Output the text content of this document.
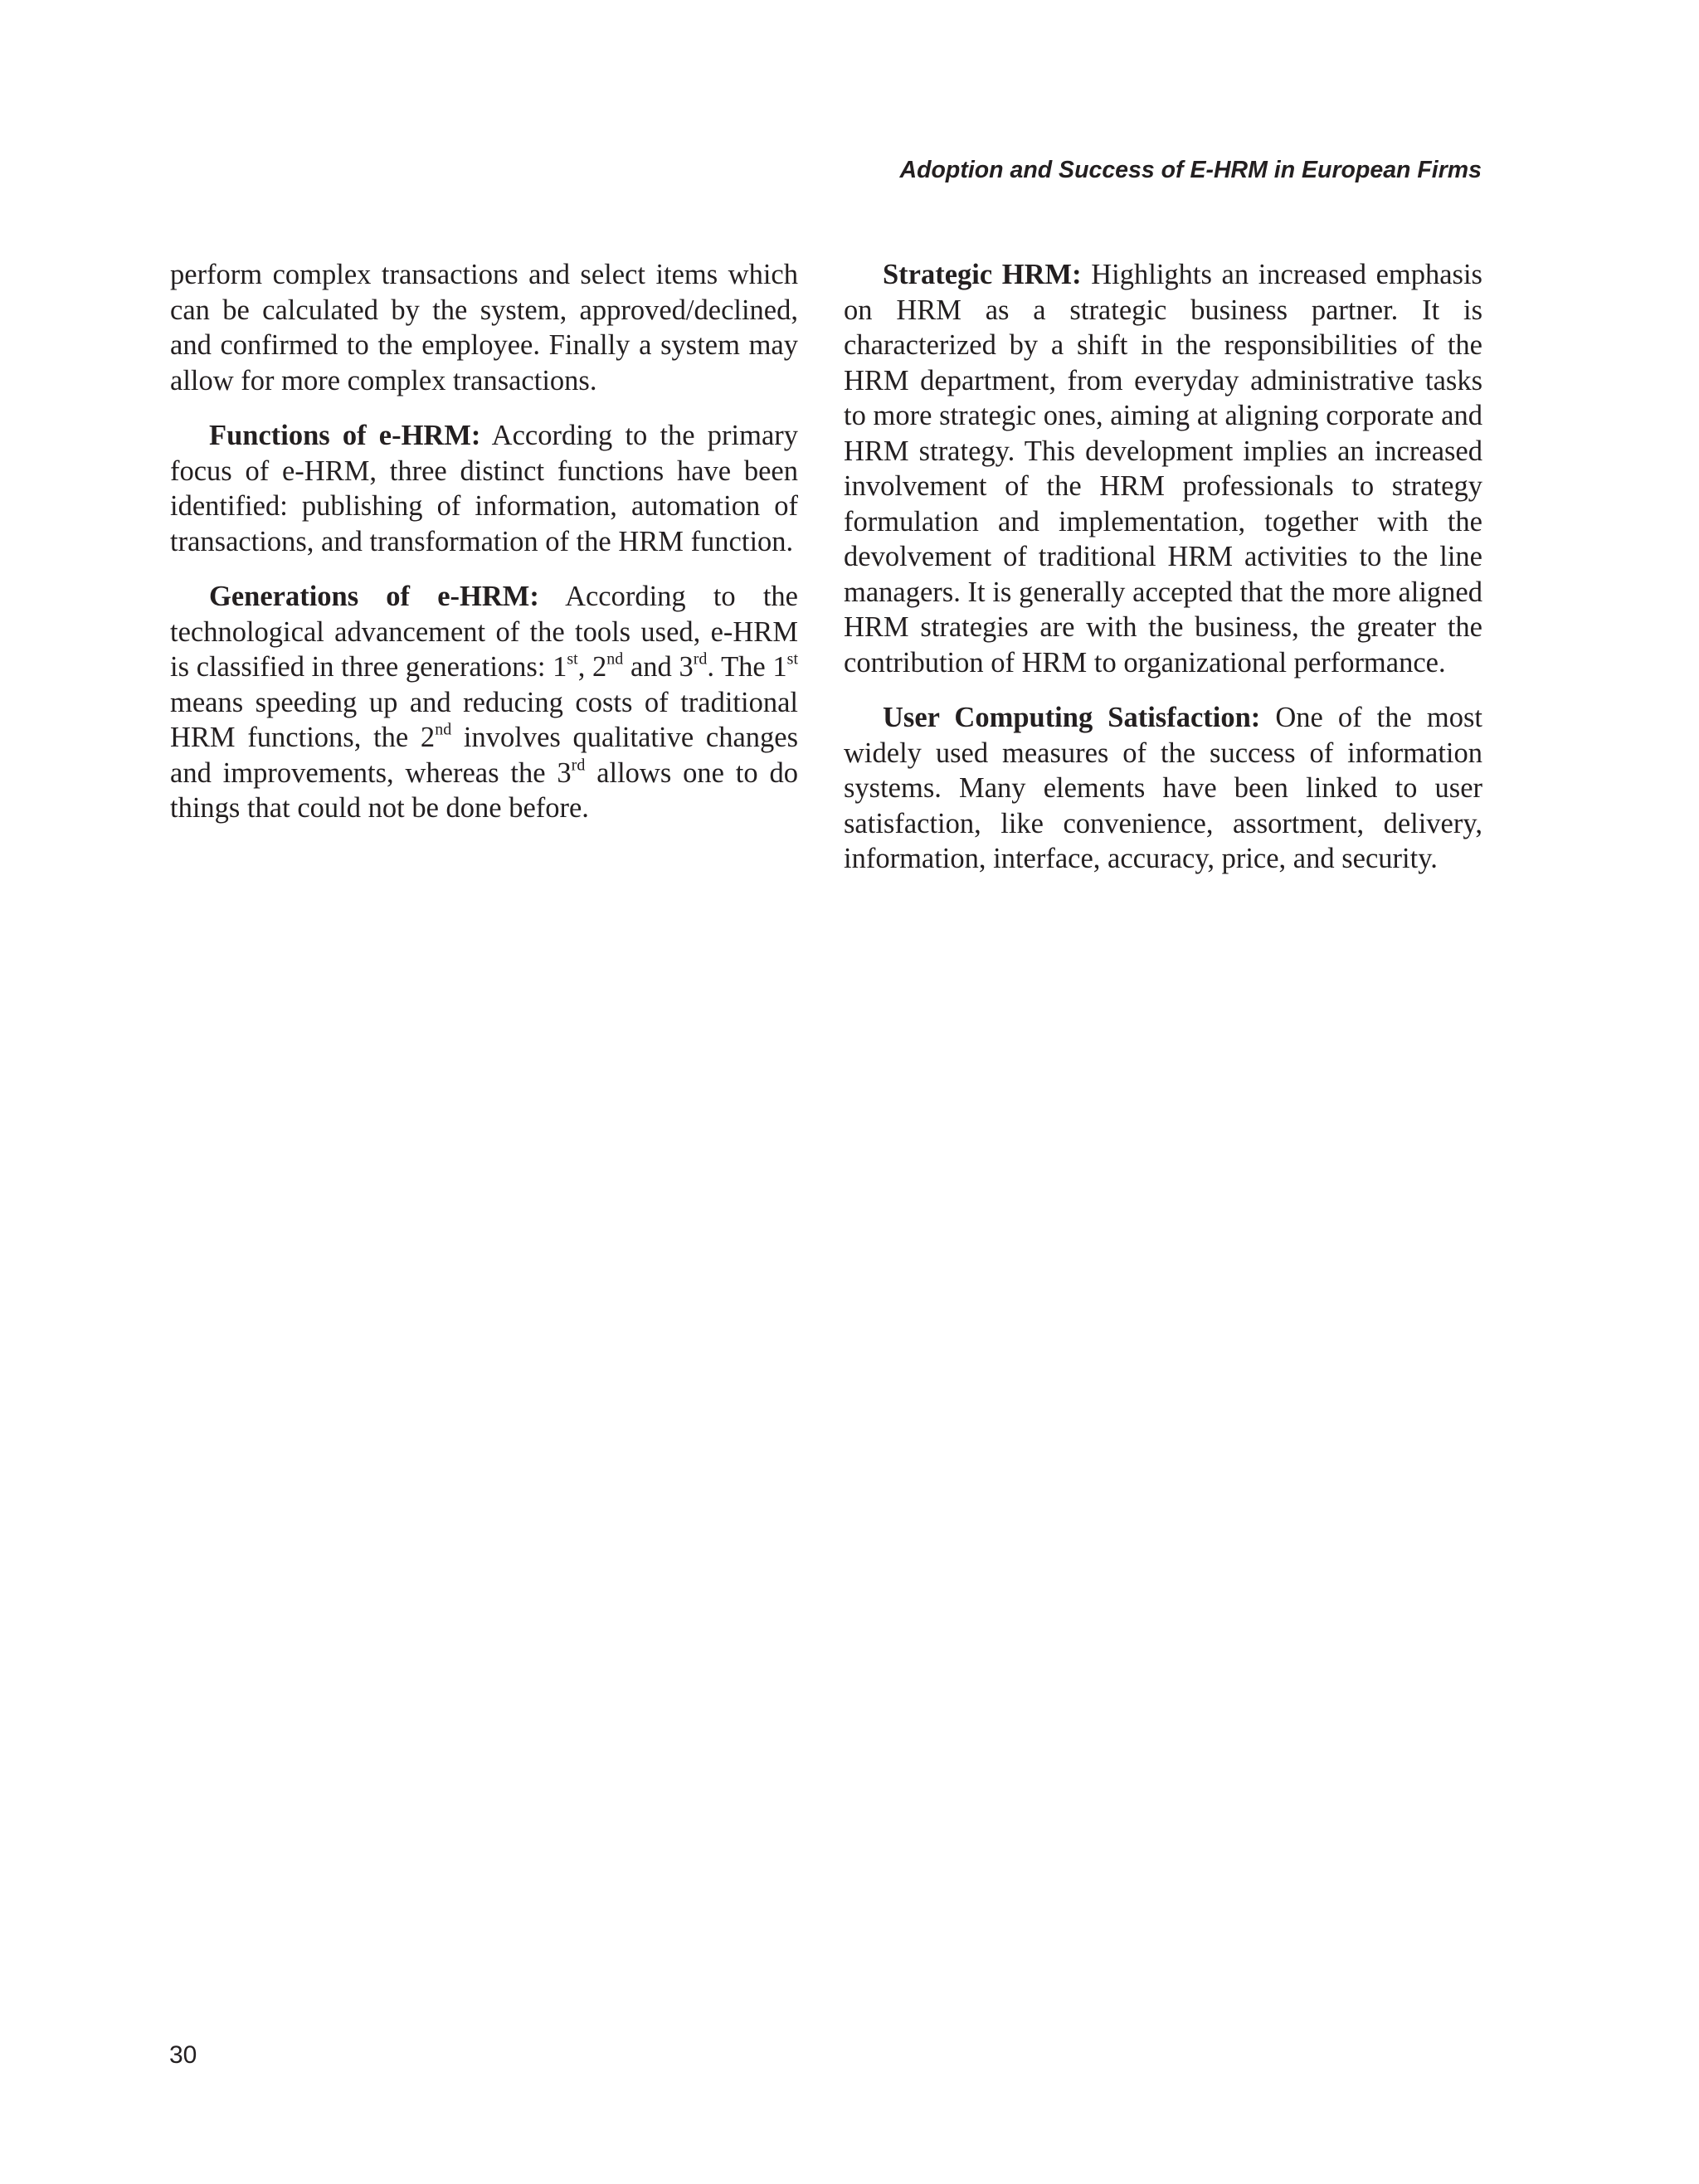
Adoption and Success of E-HRM in European Firms

perform complex transactions and select items which can be calculated by the system, approved/declined, and confirmed to the employee. Finally a system may allow for more complex transactions.

Functions of e-HRM: According to the primary focus of e-HRM, three distinct functions have been identified: publishing of information, automation of transactions, and transformation of the HRM function.

Generations of e-HRM: According to the technological advancement of the tools used, e-HRM is classified in three generations: 1st, 2nd and 3rd. The 1st means speeding up and reducing costs of traditional HRM functions, the 2nd involves qualitative changes and improvements, whereas the 3rd allows one to do things that could not be done before.

Strategic HRM: Highlights an increased emphasis on HRM as a strategic business partner. It is characterized by a shift in the responsibilities of the HRM department, from everyday administrative tasks to more strategic ones, aiming at aligning corporate and HRM strategy. This development implies an increased involvement of the HRM professionals to strategy formulation and implementation, together with the devolvement of traditional HRM activities to the line managers. It is generally accepted that the more aligned HRM strategies are with the business, the greater the contribution of HRM to organizational performance.

User Computing Satisfaction: One of the most widely used measures of the success of information systems. Many elements have been linked to user satisfaction, like convenience, assortment, delivery, information, interface, accuracy, price, and security.

30
